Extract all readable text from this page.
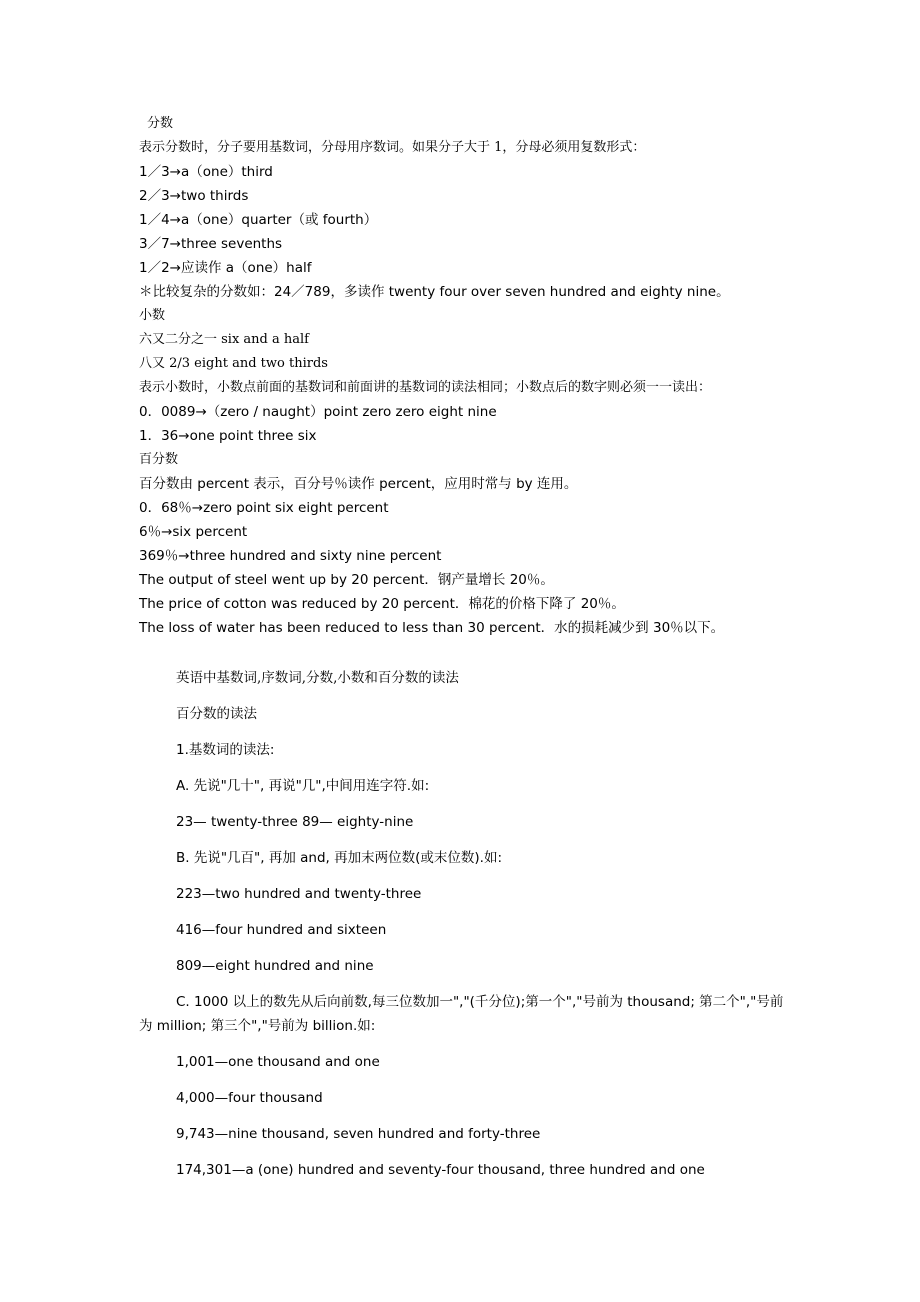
分数
表示分数时，分子要用基数词，分母用序数词。如果分子大于 1，分母必须用复数形式：
1／3→a（one）third
2／3→two thirds
1／4→a（one）quarter（或 fourth）
3／7→three sevenths
1／2→应读作 a（one）half
＊比较复杂的分数如：24／789，多读作 twenty four over seven hundred and eighty nine。
小数
六又二分之一 six and a half
八又 2/3 eight and two thirds
表示小数时，小数点前面的基数词和前面讲的基数词的读法相同；小数点后的数字则必须一一读出：
0．0089→（zero / naught）point zero zero eight nine
1．36→one point three six
百分数
百分数由 percent 表示，百分号％读作 percent，应用时常与 by 连用。
0．68％→zero point six eight percent
6％→six percent
369％→three hundred and sixty nine percent
The output of steel went up by 20 percent．钢产量增长 20％。
The price of cotton was reduced by 20 percent．棉花的价格下降了 20％。
The loss of water has been reduced to less than 30 percent．水的损耗减少到 30％以下。
英语中基数词,序数词,分数,小数和百分数的读法
百分数的读法
1.基数词的读法:
A. 先说"几十", 再说"几",中间用连字符.如:
23— twenty-three 89— eighty-nine
B. 先说"几百", 再加 and, 再加末两位数(或末位数).如:
223—two hundred and twenty-three
416—four hundred and sixteen
809—eight hundred and nine
C. 1000 以上的数先从后向前数,每三位数加一","(千分位);第一个","号前为 thousand; 第二个","号前为 million; 第三个","号前为 billion.如:
1,001—one thousand and one
4,000—four thousand
9,743—nine thousand, seven hundred and forty-three
174,301—a (one) hundred and seventy-four thousand, three hundred and one
